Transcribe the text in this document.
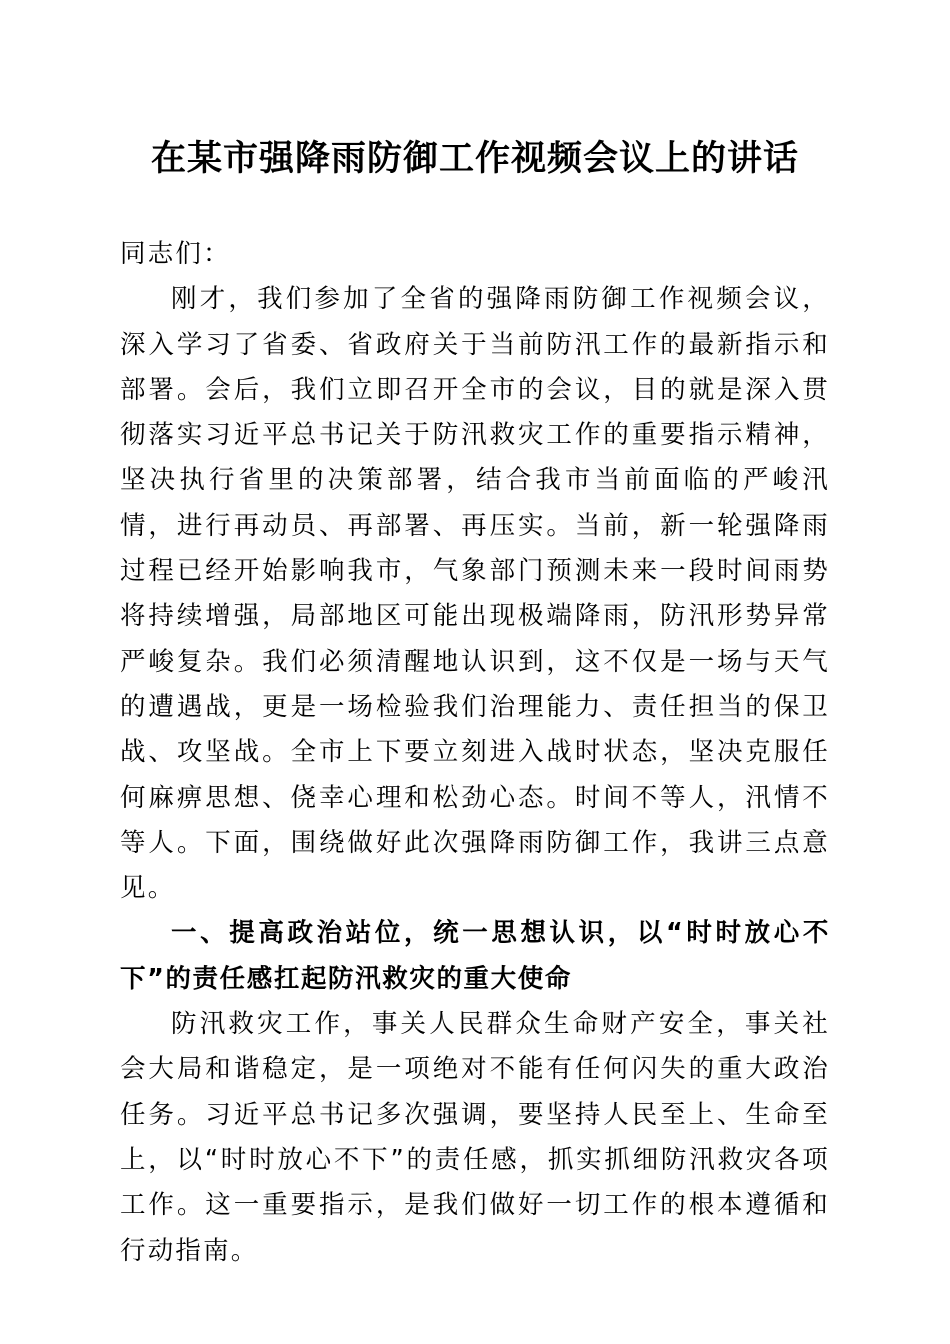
在某市强降雨防御工作视频会议上的讲话

同志们：

刚才，我们参加了全省的强降雨防御工作视频会议，深入学习了省委、省政府关于当前防汛工作的最新指示和部署。会后，我们立即召开全市的会议，目的就是深入贯彻落实习近平总书记关于防汛救灾工作的重要指示精神，坚决执行省里的决策部署，结合我市当前面临的严峻汛情，进行再动员、再部署、再压实。当前，新一轮强降雨过程已经开始影响我市，气象部门预测未来一段时间雨势将持续增强，局部地区可能出现极端降雨，防汛形势异常严峻复杂。我们必须清醒地认识到，这不仅是一场与天气的遭遇战，更是一场检验我们治理能力、责任担当的保卫战、攻坚战。全市上下要立刻进入战时状态，坚决克服任何麻痹思想、侥幸心理和松劲心态。时间不等人，汛情不等人。下面，围绕做好此次强降雨防御工作，我讲三点意见。

一、提高政治站位，统一思想认识，以“时时放心不下”的责任感扛起防汛救灾的重大使命

防汛救灾工作，事关人民群众生命财产安全，事关社会大局和谐稳定，是一项绝对不能有任何闪失的重大政治任务。习近平总书记多次强调，要坚持人民至上、生命至上，以“时时放心不下”的责任感，抓实抓细防汛救灾各项工作。这一重要指示，是我们做好一切工作的根本遵循和行动指南。
